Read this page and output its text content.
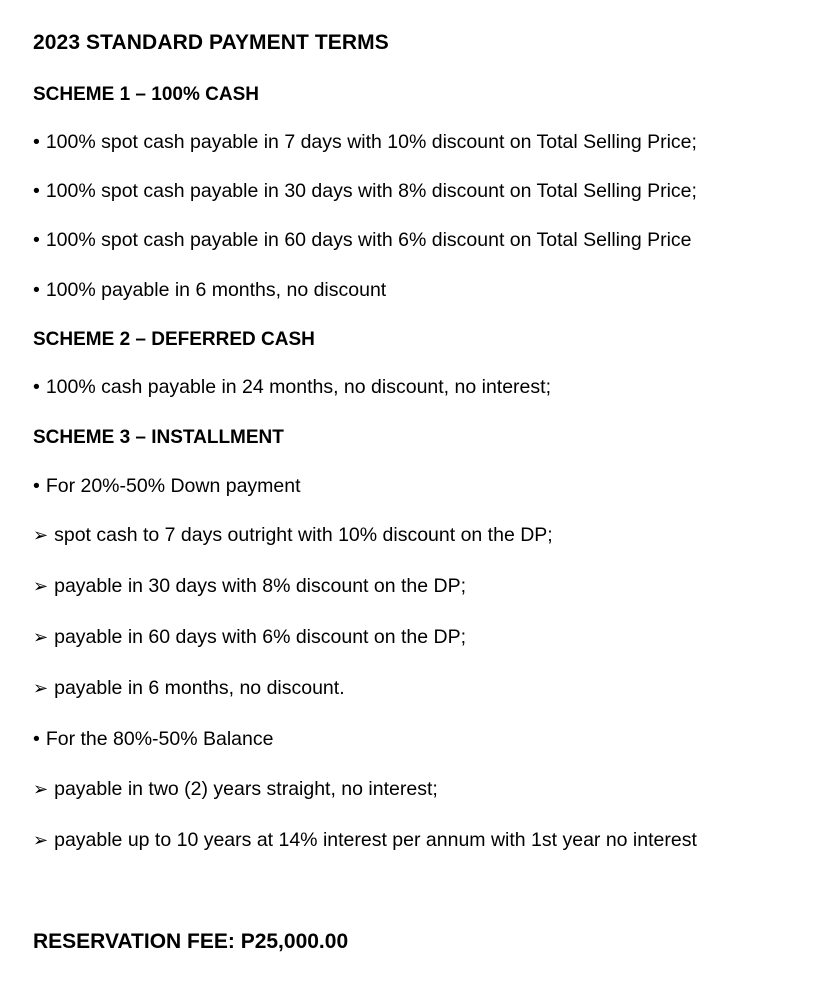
2023 STANDARD PAYMENT TERMS
SCHEME 1 – 100% CASH
• 100% spot cash payable in 7 days with 10% discount on Total Selling Price;
• 100% spot cash payable in 30 days with 8% discount on Total Selling Price;
• 100% spot cash payable in 60 days with 6% discount on Total Selling Price
• 100% payable in 6 months, no discount
SCHEME 2 – DEFERRED CASH
• 100% cash payable in 24 months, no discount, no interest;
SCHEME 3 – INSTALLMENT
• For 20%-50% Down payment
➢ spot cash to 7 days outright with 10% discount on the DP;
➢ payable in 30 days with 8% discount on the DP;
➢ payable in 60 days with 6% discount on the DP;
➢ payable in 6 months, no discount.
• For the 80%-50% Balance
➢ payable in two (2) years straight, no interest;
➢ payable up to 10 years at 14% interest per annum with 1st year no interest
RESERVATION FEE: P25,000.00
